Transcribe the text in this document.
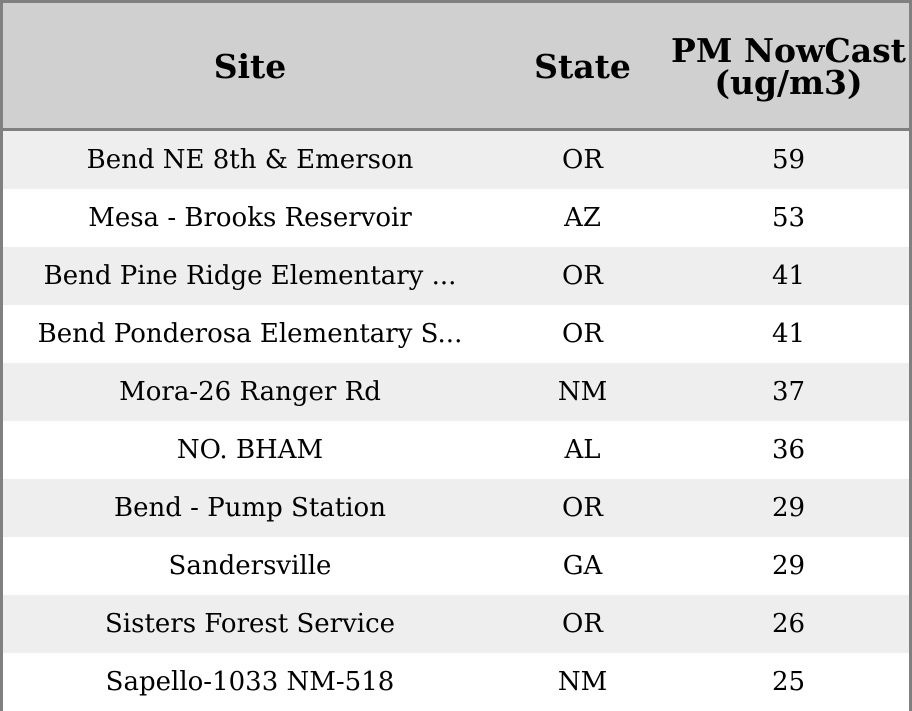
Site	State	PM NowCast (ug/m3)
Bend NE 8th & Emerson	OR	59
Mesa - Brooks Reservoir	AZ	53
Bend Pine Ridge Elementary ...	OR	41
Bend Ponderosa Elementary S...	OR	41
Mora-26 Ranger Rd	NM	37
NO. BHAM	AL	36
Bend - Pump Station	OR	29
Sandersville	GA	29
Sisters Forest Service	OR	26
Sapello-1033 NM-518	NM	25
